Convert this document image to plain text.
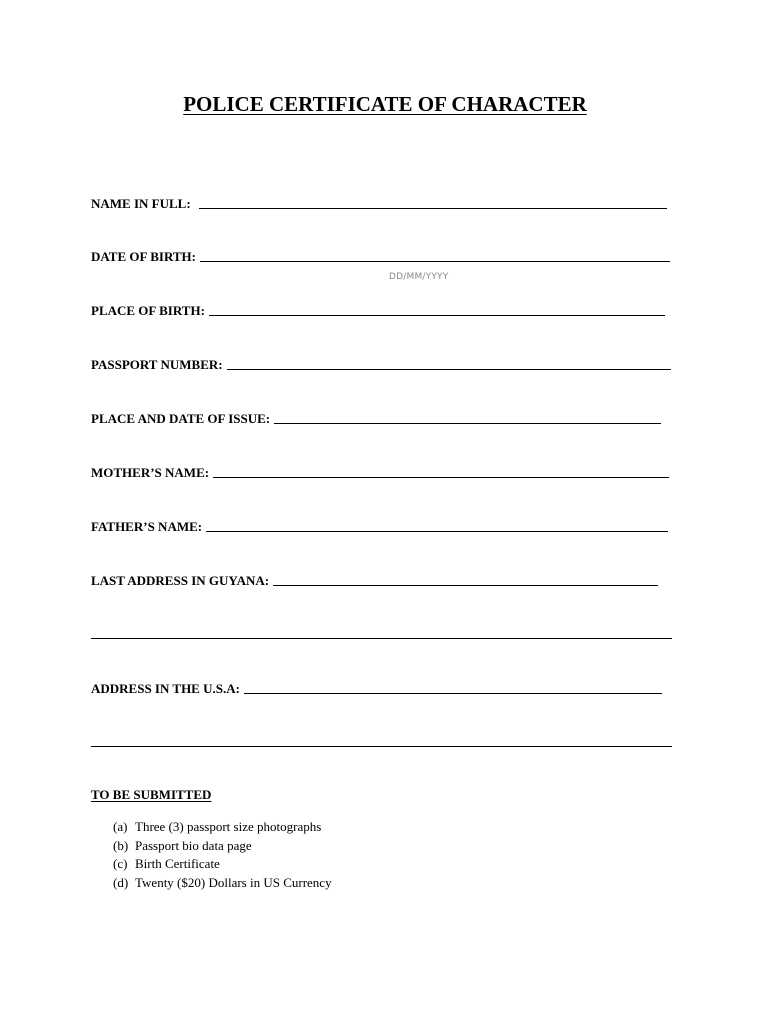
POLICE CERTIFICATE OF CHARACTER
NAME IN FULL:
DATE OF BIRTH:
DD/MM/YYYY
PLACE OF BIRTH:
PASSPORT NUMBER:
PLACE AND DATE OF ISSUE:
MOTHER’S NAME:
FATHER’S NAME:
LAST ADDRESS IN GUYANA:
ADDRESS IN THE U.S.A:
TO BE SUBMITTED
(a) Three (3) passport size photographs
(b) Passport bio data page
(c) Birth Certificate
(d) Twenty ($20) Dollars in US Currency
